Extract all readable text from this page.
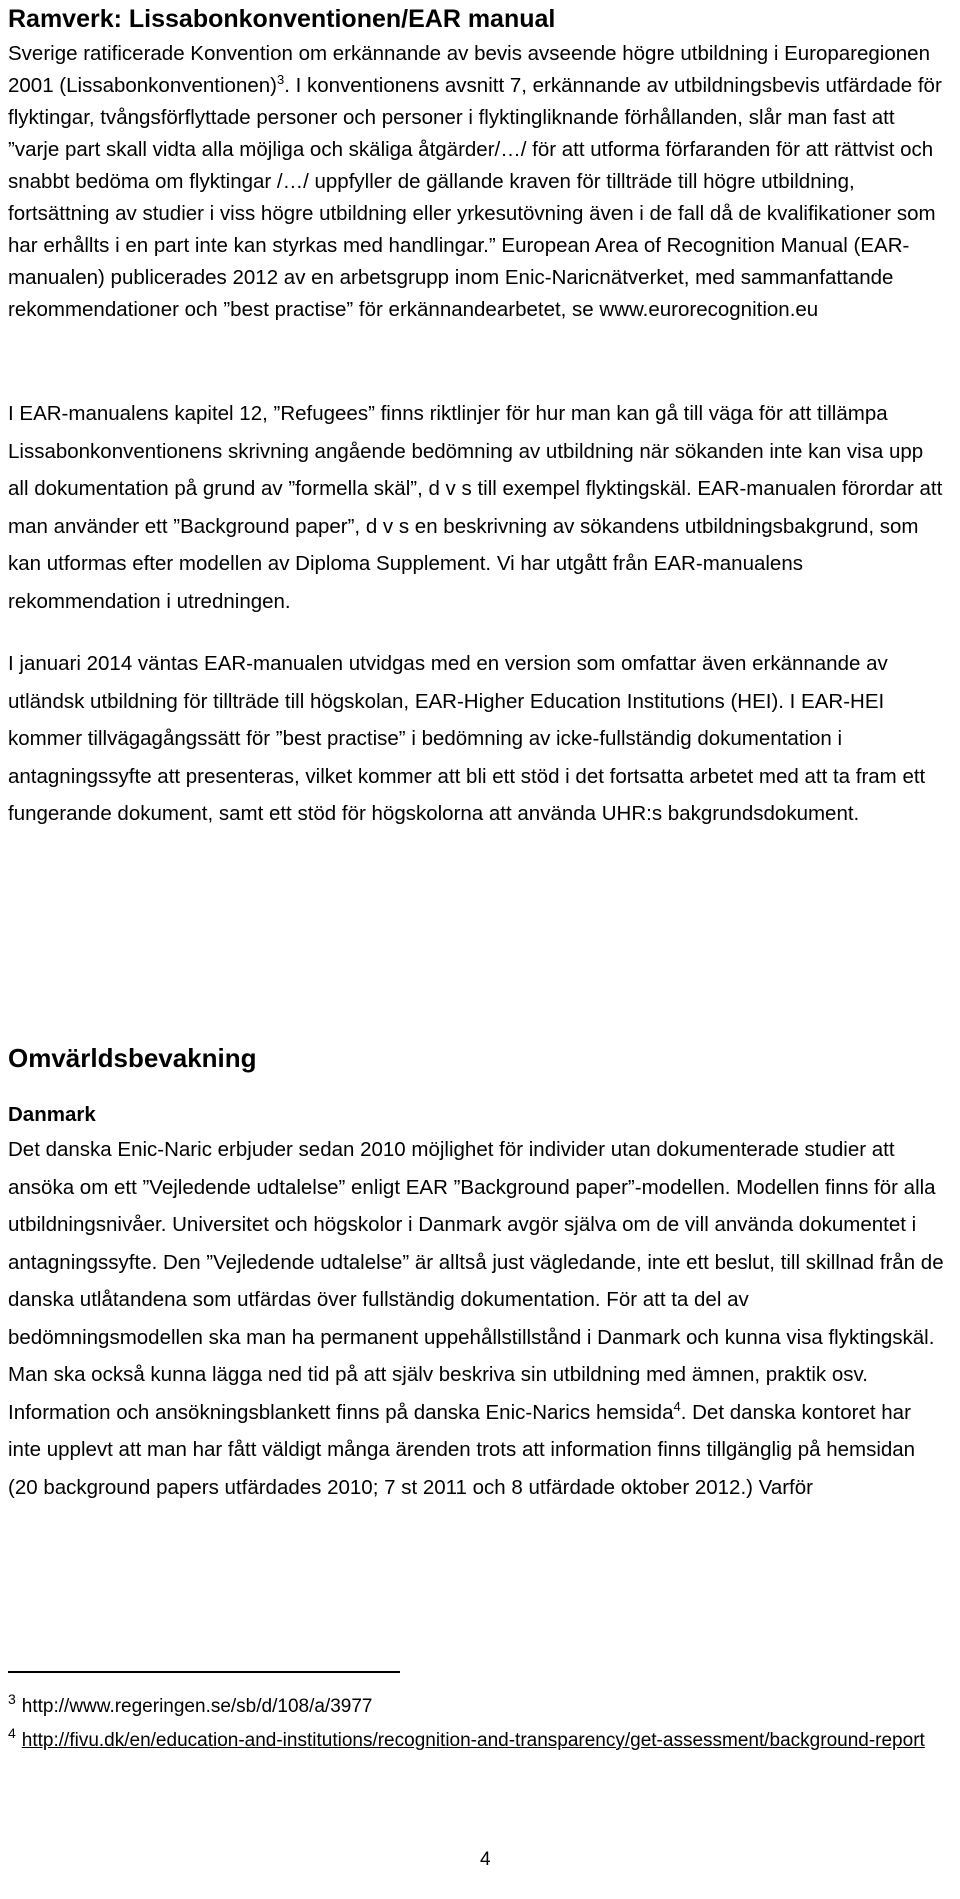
Ramverk: Lissabonkonventionen/EAR manual
Sverige ratificerade Konvention om erkännande av bevis avseende högre utbildning i Europaregionen 2001 (Lissabonkonventionen)$^3$. I konventionens avsnitt 7, erkännande av utbildningsbevis utfärdade för flyktingar, tvångsförflyttade personer och personer i flyktingliknande förhållanden, slår man fast att ”varje part skall vidta alla möjliga och skäliga åtgärder/…/ för att utforma förfaranden för att rättvist och snabbt bedöma om flyktingar /…/ uppfyller de gällande kraven för tillträde till högre utbildning, fortsättning av studier i viss högre utbildning eller yrkesutövning även i de fall då de kvalifikationer som har erhållts i en part inte kan styrkas med handlingar.” European Area of Recognition Manual (EAR-manualen) publicerades 2012 av en arbetsgrupp inom Enic-Naricnätverket, med sammanfattande rekommendationer och ”best practise” för erkännandearbetet, se www.eurorecognition.eu
I EAR-manualens kapitel 12, ”Refugees” finns riktlinjer för hur man kan gå till väga för att tillämpa Lissabonkonventionens skrivning angående bedömning av utbildning när sökanden inte kan visa upp all dokumentation på grund av ”formella skäl”, d v s till exempel flyktingskäl. EAR-manualen förordar att man använder ett ”Background paper”, d v s en beskrivning av sökandens utbildningsbakgrund, som kan utformas efter modellen av Diploma Supplement. Vi har utgått från EAR-manualens rekommendation i utredningen.
I januari 2014 väntas EAR-manualen utvidgas med en version som omfattar även erkännande av utländsk utbildning för tillträde till högskolan, EAR-Higher Education Institutions (HEI). I EAR-HEI kommer tillvägagångssätt för ”best practise” i bedömning av icke-fullständig dokumentation i antagningssyfte att presenteras, vilket kommer att bli ett stöd i det fortsatta arbetet med att ta fram ett fungerande dokument, samt ett stöd för högskolorna att använda UHR:s bakgrundsdokument.
Omvärldsbevakning
Danmark
Det danska Enic-Naric erbjuder sedan 2010 möjlighet för individer utan dokumenterade studier att ansöka om ett ”Vejledende udtalelse” enligt EAR ”Background paper”-modellen. Modellen finns för alla utbildningsnivåer. Universitet och högskolor i Danmark avgör själva om de vill använda dokumentet i antagningssyfte. Den ”Vejledende udtalelse” är alltså just vägledande, inte ett beslut, till skillnad från de danska utlåtandena som utfärdas över fullständig dokumentation. För att ta del av bedömningsmodellen ska man ha permanent uppehållstillstånd i Danmark och kunna visa flyktingskäl. Man ska också kunna lägga ned tid på att själv beskriva sin utbildning med ämnen, praktik osv. Information och ansökningsblankett finns på danska Enic-Narics hemsida$^4$. Det danska kontoret har inte upplevt att man har fått väldigt många ärenden trots att information finns tillgänglig på hemsidan (20 background papers utfärdades 2010; 7 st 2011 och 8 utfärdade oktober 2012.) Varför
3 http://www.regeringen.se/sb/d/108/a/3977
4 http://fivu.dk/en/education-and-institutions/recognition-and-transparency/get-assessment/background-report
4
